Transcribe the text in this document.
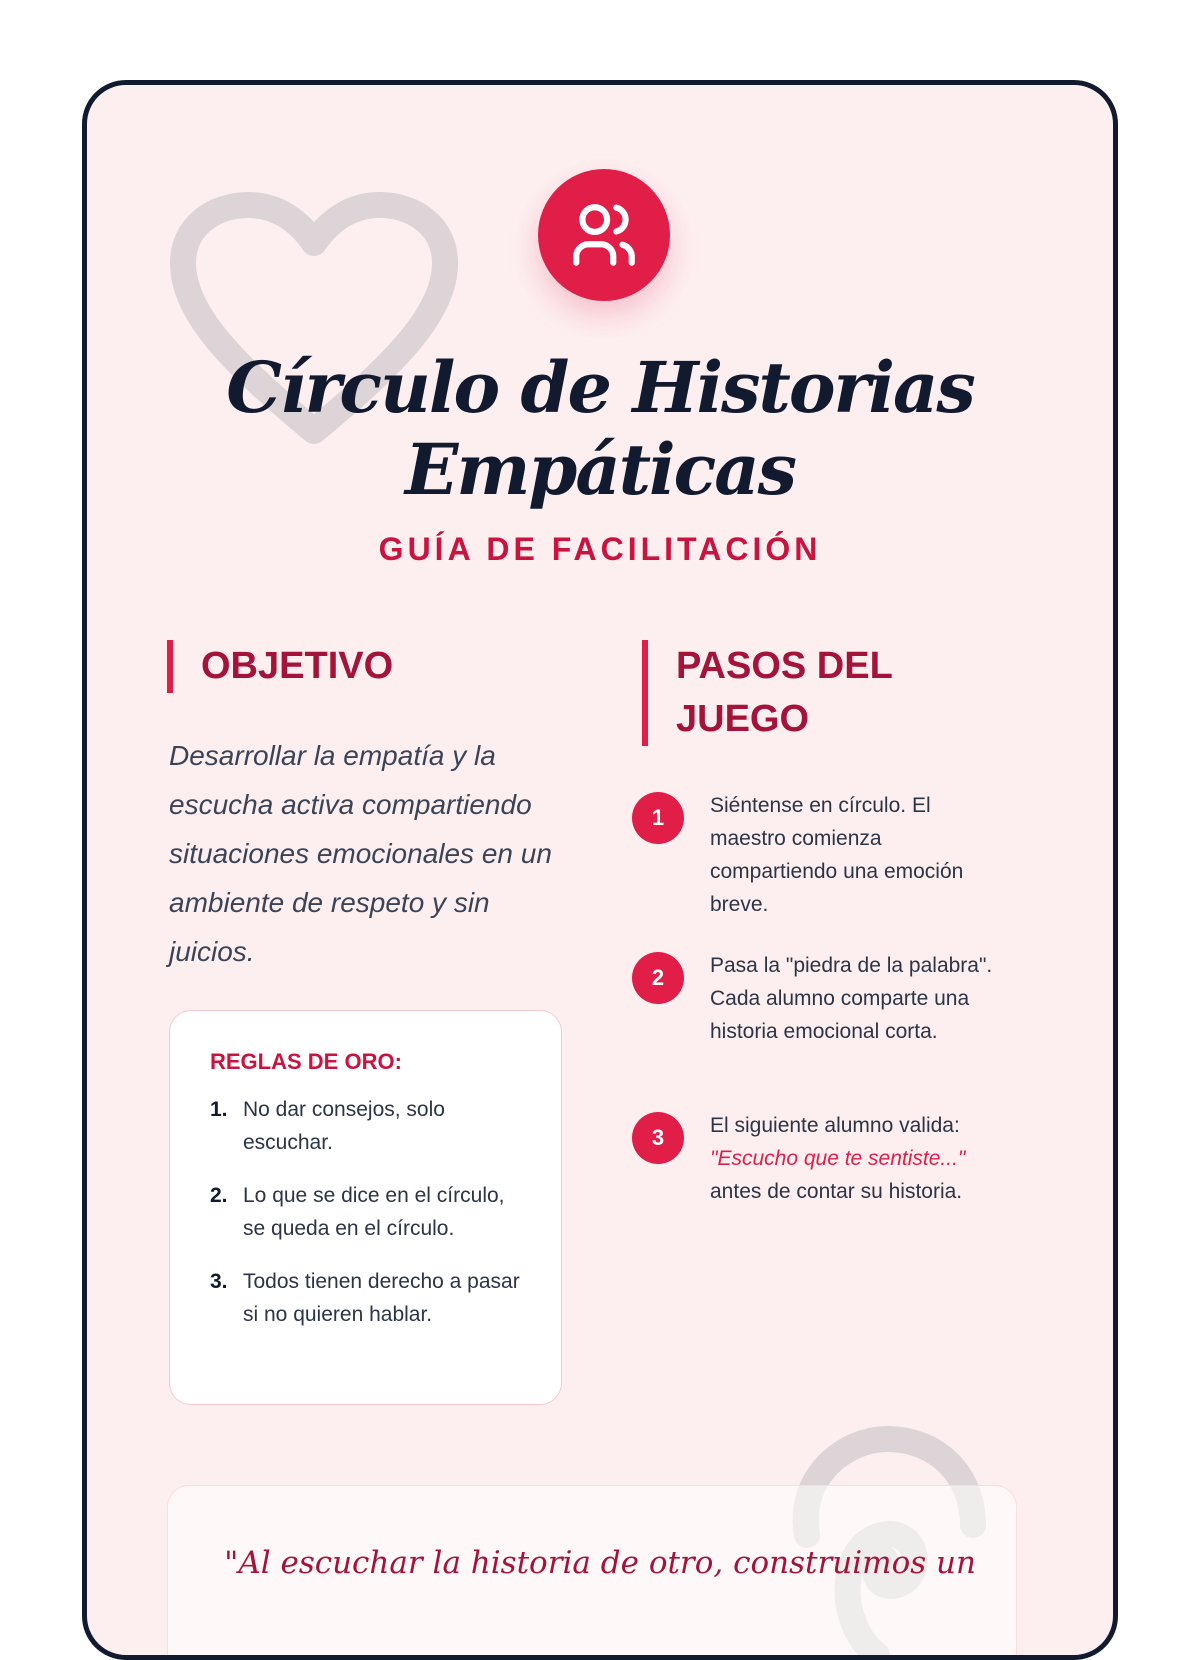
Círculo de Historias
Empáticas
GUÍA DE FACILITACIÓN
OBJETIVO
Desarrollar la empatía y la escucha activa compartiendo situaciones emocionales en un ambiente de respeto y sin juicios.
REGLAS DE ORO:
1. No dar consejos, solo escuchar.
2. Lo que se dice en el círculo, se queda en el círculo.
3. Todos tienen derecho a pasar si no quieren hablar.
PASOS DEL
JUEGO
1	Siéntense en círculo. El maestro comienza compartiendo una emoción breve.
2	Pasa la "piedra de la palabra". Cada alumno comparte una historia emocional corta.
3	El siguiente alumno valida:
"Escucho que te sentiste..."
antes de contar su historia.
"Al escuchar la historia de otro, construimos un
